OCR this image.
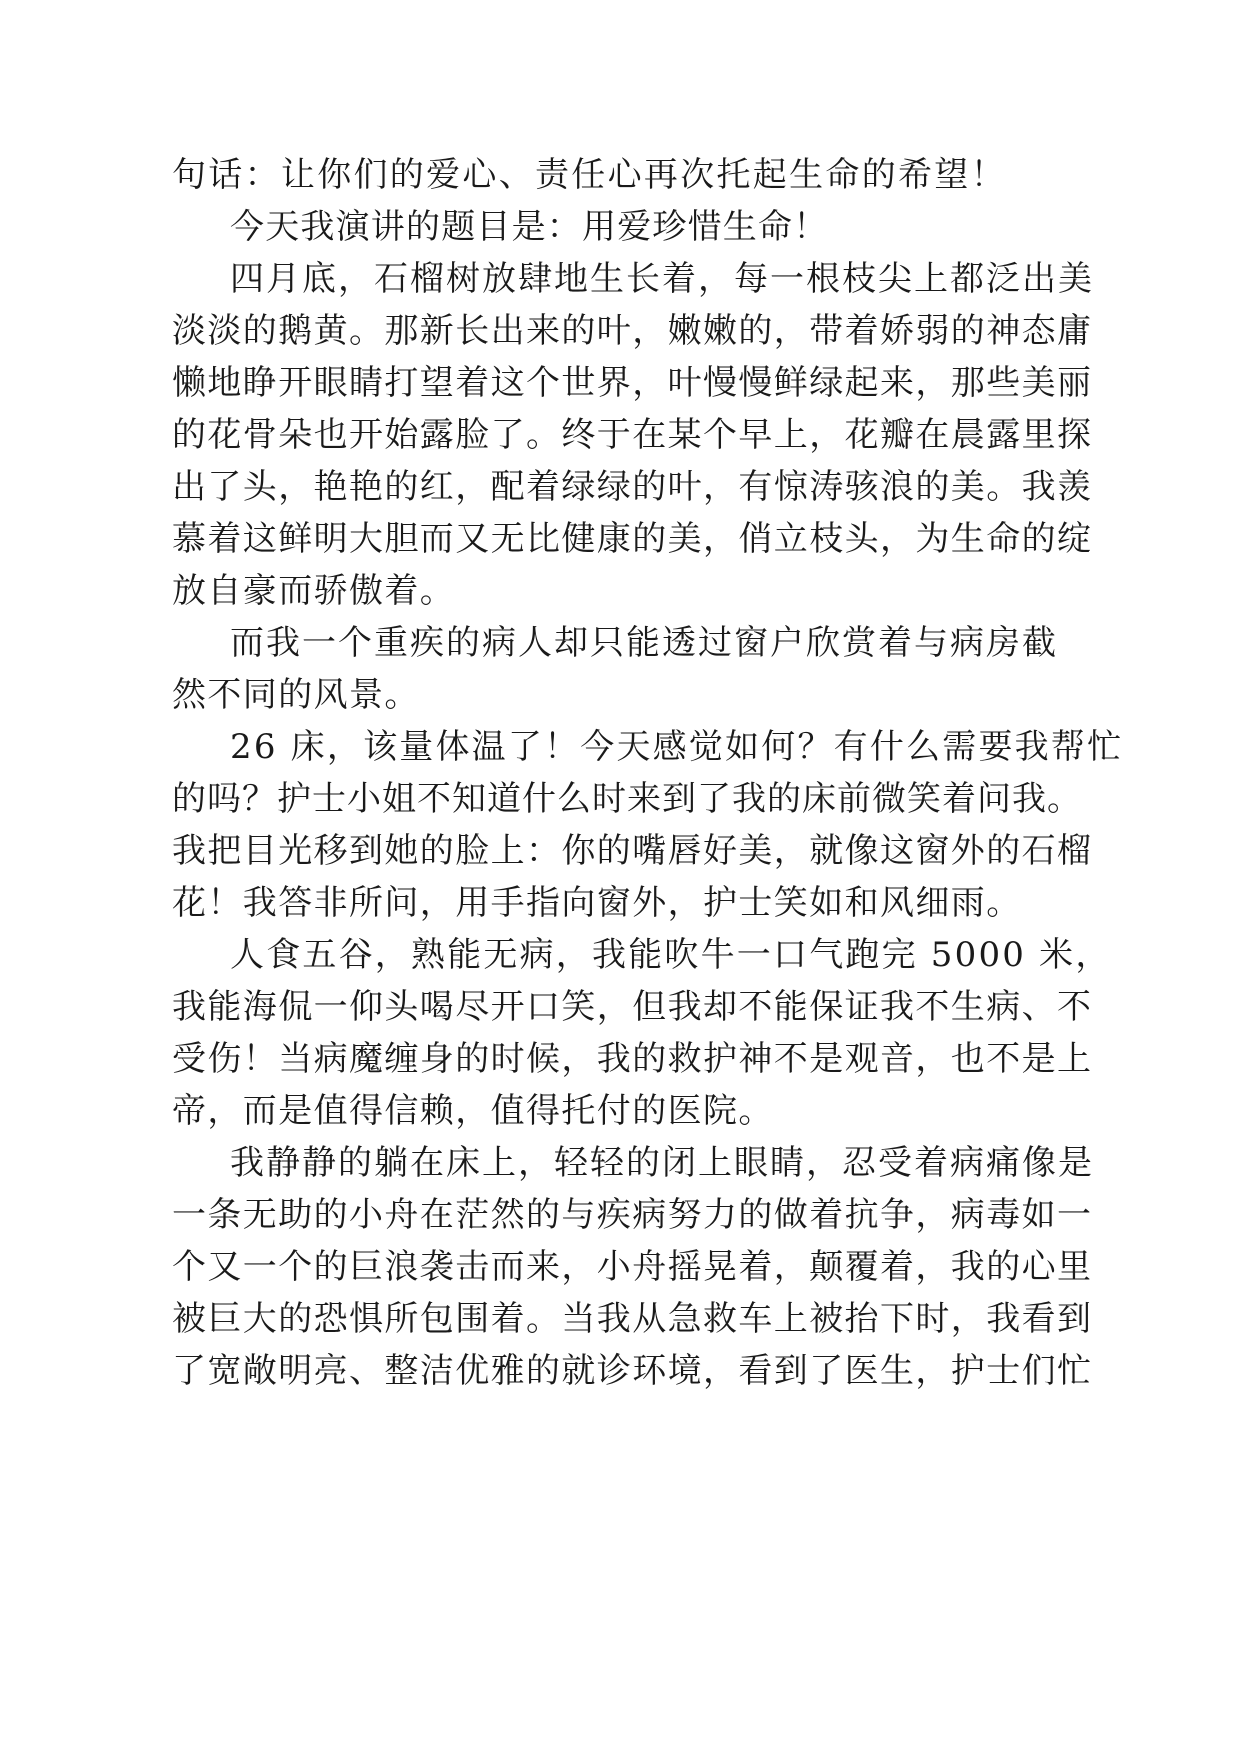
句话：让你们的爱心、责任心再次托起生命的希望！

今天我演讲的题目是：用爱珍惜生命！

四月底，石榴树放肆地生长着，每一根枝尖上都泛出美

淡淡的鹅黄。那新长出来的叶，嫩嫩的，带着娇弱的神态庸

懒地睁开眼睛打望着这个世界，叶慢慢鲜绿起来，那些美丽

的花骨朵也开始露脸了。终于在某个早上，花瓣在晨露里探

出了头，艳艳的红，配着绿绿的叶，有惊涛骇浪的美。我羡

慕着这鲜明大胆而又无比健康的美，俏立枝头，为生命的绽

放自豪而骄傲着。

而我一个重疾的病人却只能透过窗户欣赏着与病房截

然不同的风景。

26 床，该量体温了！今天感觉如何？有什么需要我帮忙

的吗？护士小姐不知道什么时来到了我的床前微笑着问我。

我把目光移到她的脸上：你的嘴唇好美，就像这窗外的石榴

花！我答非所问，用手指向窗外，护士笑如和风细雨。

人食五谷，熟能无病，我能吹牛一口气跑完 5000 米，

我能海侃一仰头喝尽开口笑，但我却不能保证我不生病、不

受伤！当病魔缠身的时候，我的救护神不是观音，也不是上

帝，而是值得信赖，值得托付的医院。

我静静的躺在床上，轻轻的闭上眼睛，忍受着病痛像是

一条无助的小舟在茫然的与疾病努力的做着抗争，病毒如一

个又一个的巨浪袭击而来，小舟摇晃着，颠覆着，我的心里

被巨大的恐惧所包围着。当我从急救车上被抬下时，我看到

了宽敞明亮、整洁优雅的就诊环境，看到了医生，护士们忙
